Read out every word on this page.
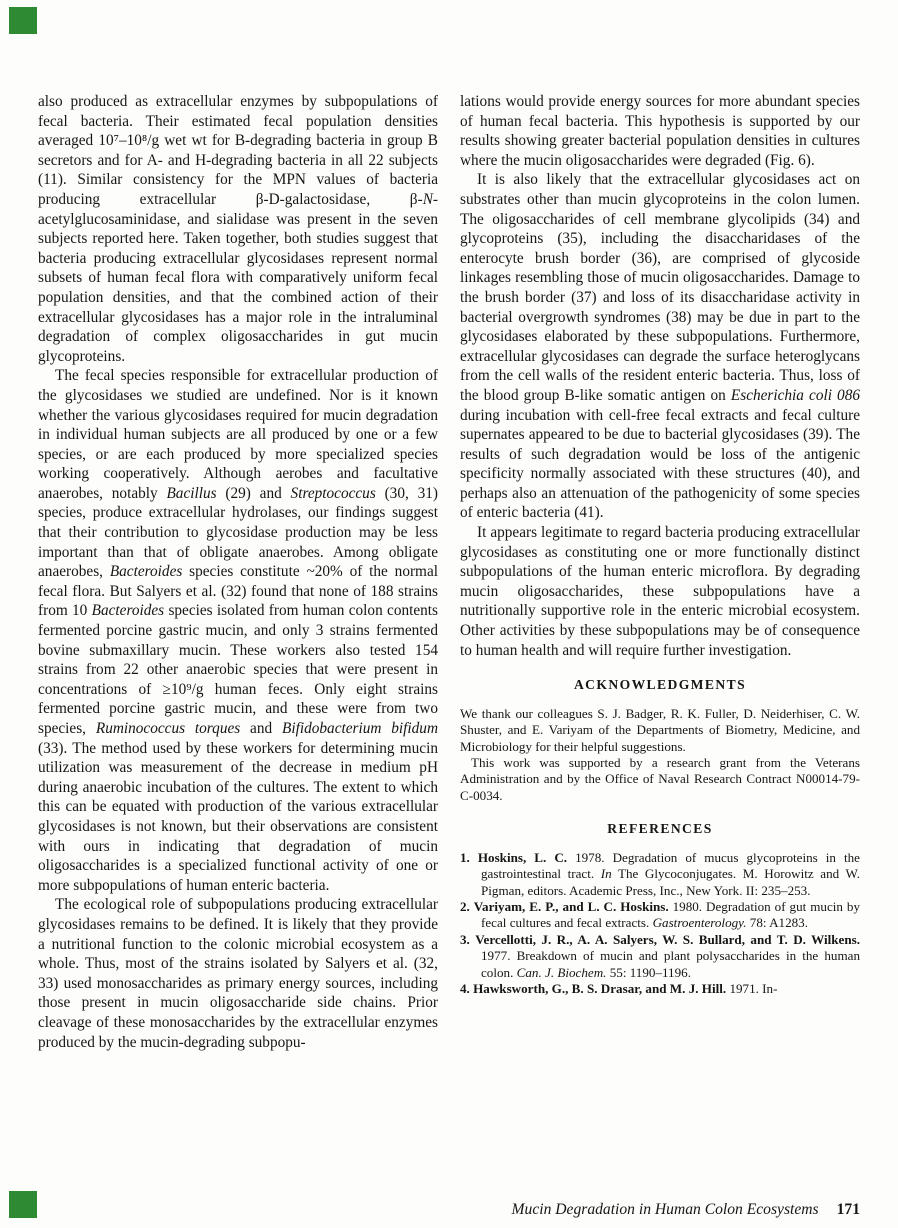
also produced as extracellular enzymes by subpopulations of fecal bacteria. Their estimated fecal population densities averaged 10⁷–10⁸/g wet wt for B-degrading bacteria in group B secretors and for A- and H-degrading bacteria in all 22 subjects (11). Similar consistency for the MPN values of bacteria producing extracellular β-D-galactosidase, β-N-acetylglucosaminidase, and sialidase was present in the seven subjects reported here. Taken together, both studies suggest that bacteria producing extracellular glycosidases represent normal subsets of human fecal flora with comparatively uniform fecal population densities, and that the combined action of their extracellular glycosidases has a major role in the intraluminal degradation of complex oligosaccharides in gut mucin glycoproteins.

The fecal species responsible for extracellular production of the glycosidases we studied are undefined. Nor is it known whether the various glycosidases required for mucin degradation in individual human subjects are all produced by one or a few species, or are each produced by more specialized species working cooperatively. Although aerobes and facultative anaerobes, notably Bacillus (29) and Streptococcus (30, 31) species, produce extracellular hydrolases, our findings suggest that their contribution to glycosidase production may be less important than that of obligate anaerobes. Among obligate anaerobes, Bacteroides species constitute ~20% of the normal fecal flora. But Salyers et al. (32) found that none of 188 strains from 10 Bacteroides species isolated from human colon contents fermented porcine gastric mucin, and only 3 strains fermented bovine submaxillary mucin. These workers also tested 154 strains from 22 other anaerobic species that were present in concentrations of ≥10⁹/g human feces. Only eight strains fermented porcine gastric mucin, and these were from two species, Ruminococcus torques and Bifidobacterium bifidum (33). The method used by these workers for determining mucin utilization was measurement of the decrease in medium pH during anaerobic incubation of the cultures. The extent to which this can be equated with production of the various extracellular glycosidases is not known, but their observations are consistent with ours in indicating that degradation of mucin oligosaccharides is a specialized functional activity of one or more subpopulations of human enteric bacteria.

The ecological role of subpopulations producing extracellular glycosidases remains to be defined. It is likely that they provide a nutritional function to the colonic microbial ecosystem as a whole. Thus, most of the strains isolated by Salyers et al. (32, 33) used monosaccharides as primary energy sources, including those present in mucin oligosaccharide side chains. Prior cleavage of these monosaccharides by the extracellular enzymes produced by the mucin-degrading subpopu-

lations would provide energy sources for more abundant species of human fecal bacteria. This hypothesis is supported by our results showing greater bacterial population densities in cultures where the mucin oligosaccharides were degraded (Fig. 6).

It is also likely that the extracellular glycosidases act on substrates other than mucin glycoproteins in the colon lumen. The oligosaccharides of cell membrane glycolipids (34) and glycoproteins (35), including the disaccharidases of the enterocyte brush border (36), are comprised of glycoside linkages resembling those of mucin oligosaccharides. Damage to the brush border (37) and loss of its disaccharidase activity in bacterial overgrowth syndromes (38) may be due in part to the glycosidases elaborated by these subpopulations. Furthermore, extracellular glycosidases can degrade the surface heteroglycans from the cell walls of the resident enteric bacteria. Thus, loss of the blood group B-like somatic antigen on Escherichia coli 086 during incubation with cell-free fecal extracts and fecal culture supernates appeared to be due to bacterial glycosidases (39). The results of such degradation would be loss of the antigenic specificity normally associated with these structures (40), and perhaps also an attenuation of the pathogenicity of some species of enteric bacteria (41).

It appears legitimate to regard bacteria producing extracellular glycosidases as constituting one or more functionally distinct subpopulations of the human enteric microflora. By degrading mucin oligosaccharides, these subpopulations have a nutritionally supportive role in the enteric microbial ecosystem. Other activities by these subpopulations may be of consequence to human health and will require further investigation.

ACKNOWLEDGMENTS

We thank our colleagues S. J. Badger, R. K. Fuller, D. Neiderhiser, C. W. Shuster, and E. Variyam of the Departments of Biometry, Medicine, and Microbiology for their helpful suggestions.

This work was supported by a research grant from the Veterans Administration and by the Office of Naval Research Contract N00014-79-C-0034.

REFERENCES
1. Hoskins, L. C. 1978. Degradation of mucus glycoproteins in the gastrointestinal tract. In The Glycoconjugates. M. Horowitz and W. Pigman, editors. Academic Press, Inc., New York. II: 235–253.
2. Variyam, E. P., and L. C. Hoskins. 1980. Degradation of gut mucin by fecal cultures and fecal extracts. Gastroenterology. 78: A1283.
3. Vercellotti, J. R., A. A. Salyers, W. S. Bullard, and T. D. Wilkens. 1977. Breakdown of mucin and plant polysaccharides in the human colon. Can. J. Biochem. 55: 1190–1196.
4. Hawksworth, G., B. S. Drasar, and M. J. Hill. 1971. In-
Mucin Degradation in Human Colon Ecosystems 171
